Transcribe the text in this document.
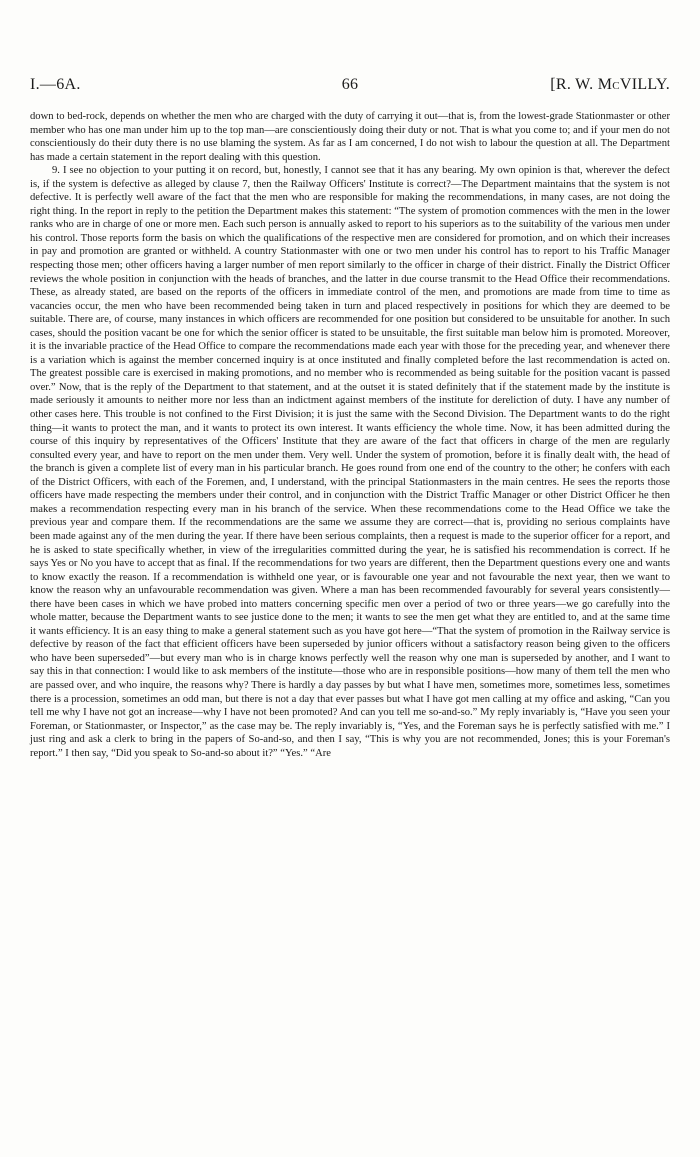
I.—6A.	66	[R. W. McVILLY.

down to bed-rock, depends on whether the men who are charged with the duty of carrying it out—that is, from the lowest-grade Stationmaster or other member who has one man under him up to the top man—are conscientiously doing their duty or not. That is what you come to; and if your men do not conscientiously do their duty there is no use blaming the system. As far as I am concerned, I do not wish to labour the question at all. The Department has made a certain statement in the report dealing with this question.

9. I see no objection to your putting it on record, but, honestly, I cannot see that it has any bearing. My own opinion is that, wherever the defect is, if the system is defective as alleged by clause 7, then the Railway Officers' Institute is correct?—The Department maintains that the system is not defective. It is perfectly well aware of the fact that the men who are responsible for making the recommendations, in many cases, are not doing the right thing. In the report in reply to the petition the Department makes this statement: “The system of promotion commences with the men in the lower ranks who are in charge of one or more men. Each such person is annually asked to report to his superiors as to the suitability of the various men under his control. Those reports form the basis on which the qualifications of the respective men are considered for promotion, and on which their increases in pay and promotion are granted or withheld. A country Stationmaster with one or two men under his control has to report to his Traffic Manager respecting those men; other officers having a larger number of men report similarly to the officer in charge of their district. Finally the District Officer reviews the whole position in conjunction with the heads of branches, and the latter in due course transmit to the Head Office their recommendations. These, as already stated, are based on the reports of the officers in immediate control of the men, and promotions are made from time to time as vacancies occur, the men who have been recommended being taken in turn and placed respectively in positions for which they are deemed to be suitable. There are, of course, many instances in which officers are recommended for one position but considered to be unsuitable for another. In such cases, should the position vacant be one for which the senior officer is stated to be unsuitable, the first suitable man below him is promoted. Moreover, it is the invariable practice of the Head Office to compare the recommendations made each year with those for the preceding year, and whenever there is a variation which is against the member concerned inquiry is at once instituted and finally completed before the last recommendation is acted on. The greatest possible care is exercised in making promotions, and no member who is recommended as being suitable for the position vacant is passed over.” Now, that is the reply of the Department to that statement, and at the outset it is stated definitely that if the statement made by the institute is made seriously it amounts to neither more nor less than an indictment against members of the institute for dereliction of duty. I have any number of other cases here. This trouble is not confined to the First Division; it is just the same with the Second Division. The Department wants to do the right thing—it wants to protect the man, and it wants to protect its own interest. It wants efficiency the whole time. Now, it has been admitted during the course of this inquiry by representatives of the Officers' Institute that they are aware of the fact that officers in charge of the men are regularly consulted every year, and have to report on the men under them. Very well. Under the system of promotion, before it is finally dealt with, the head of the branch is given a complete list of every man in his particular branch. He goes round from one end of the country to the other; he confers with each of the District Officers, with each of the Foremen, and, I understand, with the principal Stationmasters in the main centres. He sees the reports those officers have made respecting the members under their control, and in conjunction with the District Traffic Manager or other District Officer he then makes a recommendation respecting every man in his branch of the service. When these recommendations come to the Head Office we take the previous year and compare them. If the recommendations are the same we assume they are correct—that is, providing no serious complaints have been made against any of the men during the year. If there have been serious complaints, then a request is made to the superior officer for a report, and he is asked to state specifically whether, in view of the irregularities committed during the year, he is satisfied his recommendation is correct. If he says Yes or No you have to accept that as final. If the recommendations for two years are different, then the Department questions every one and wants to know exactly the reason. If a recommendation is withheld one year, or is favourable one year and not favourable the next year, then we want to know the reason why an unfavourable recommendation was given. Where a man has been recommended favourably for several years consistently—there have been cases in which we have probed into matters concerning specific men over a period of two or three years—we go carefully into the whole matter, because the Department wants to see justice done to the men; it wants to see the men get what they are entitled to, and at the same time it wants efficiency. It is an easy thing to make a general statement such as you have got here—“That the system of promotion in the Railway service is defective by reason of the fact that efficient officers have been superseded by junior officers without a satisfactory reason being given to the officers who have been superseded”—but every man who is in charge knows perfectly well the reason why one man is superseded by another, and I want to say this in that connection: I would like to ask members of the institute—those who are in responsible positions—how many of them tell the men who are passed over, and who inquire, the reasons why? There is hardly a day passes by but what I have men, sometimes more, sometimes less, sometimes there is a procession, sometimes an odd man, but there is not a day that ever passes but what I have got men calling at my office and asking, “Can you tell me why I have not got an increase—why I have not been promoted? And can you tell me so-and-so.” My reply invariably is, “Have you seen your Foreman, or Stationmaster, or Inspector,” as the case may be. The reply invariably is, “Yes, and the Foreman says he is perfectly satisfied with me.” I just ring and ask a clerk to bring in the papers of So-and-so, and then I say, “This is why you are not recommended, Jones; this is your Foreman's report.” I then say, “Did you speak to So-and-so about it?” “Yes.” “Are
